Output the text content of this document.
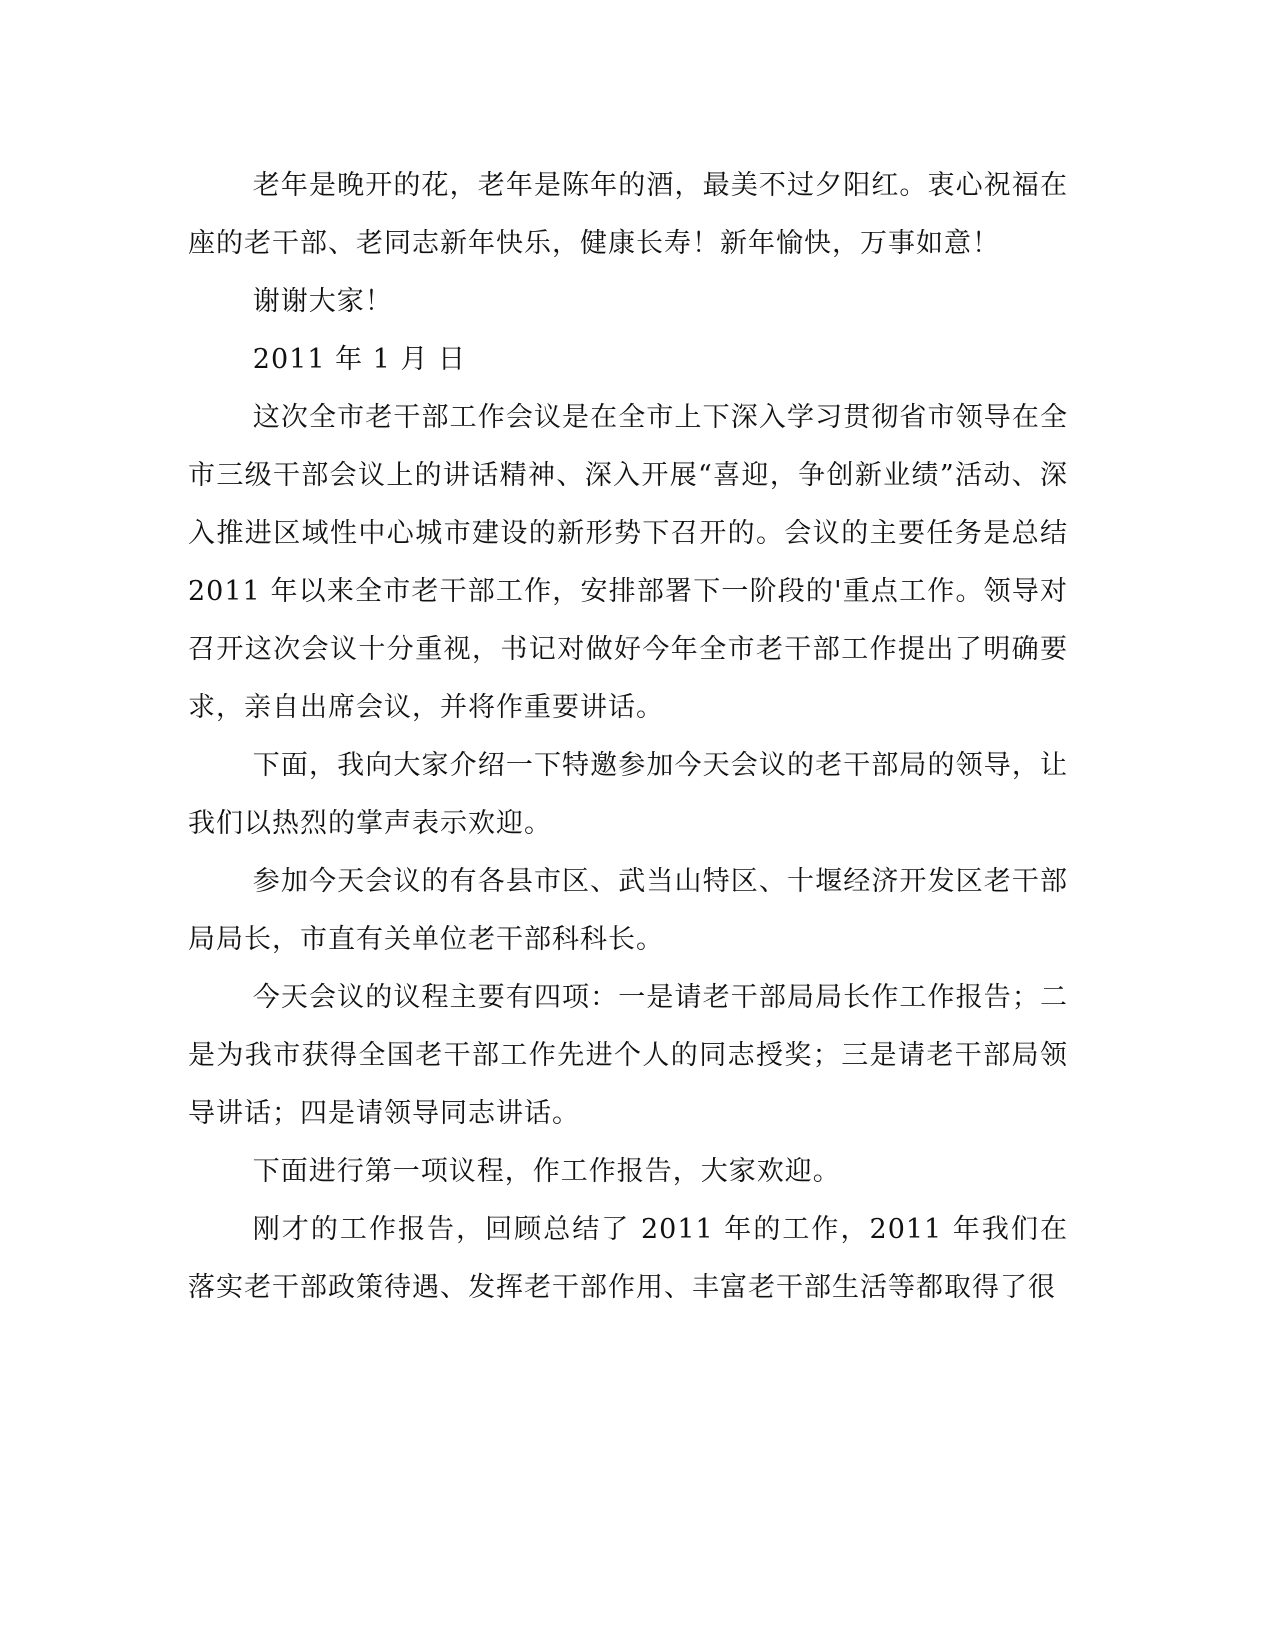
老年是晚开的花，老年是陈年的酒，最美不过夕阳红。衷心祝福在座的老干部、老同志新年快乐，健康长寿！新年愉快，万事如意！

谢谢大家！

2011 年 1 月 日

这次全市老干部工作会议是在全市上下深入学习贯彻省市领导在全市三级干部会议上的讲话精神、深入开展“喜迎，争创新业绩”活动、深入推进区域性中心城市建设的新形势下召开的。会议的主要任务是总结 2011 年以来全市老干部工作，安排部署下一阶段的'重点工作。领导对召开这次会议十分重视，书记对做好今年全市老干部工作提出了明确要求，亲自出席会议，并将作重要讲话。

下面，我向大家介绍一下特邀参加今天会议的老干部局的领导，让我们以热烈的掌声表示欢迎。

参加今天会议的有各县市区、武当山特区、十堰经济开发区老干部局局长，市直有关单位老干部科科长。

今天会议的议程主要有四项：一是请老干部局局长作工作报告；二是为我市获得全国老干部工作先进个人的同志授奖；三是请老干部局领导讲话；四是请领导同志讲话。

下面进行第一项议程，作工作报告，大家欢迎。

刚才的工作报告，回顾总结了 2011 年的工作，2011 年我们在落实老干部政策待遇、发挥老干部作用、丰富老干部生活等都取得了很
